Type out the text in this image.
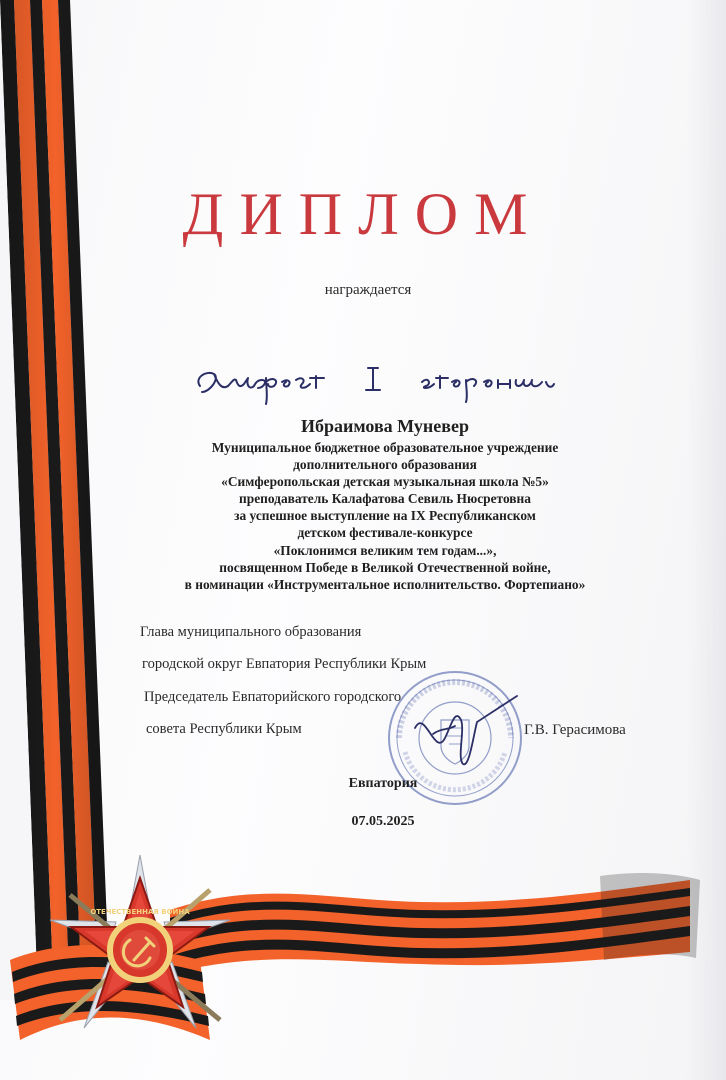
ДИПЛОМ
награждается
Ибраимова Муневер
Муниципальное бюджетное образовательное учреждение
дополнительного образования
«Симферопольская детская музыкальная школа №5»
преподаватель Калафатова Севиль Нюсретовна
за успешное выступление на IX Республиканском
детском фестивале-конкурсе
«Поклонимся великим тем годам...»,
посвященном Победе в Великой Отечественной войне,
в номинации «Инструментальное исполнительство. Фортепиано»
Глава муниципального образования
городской округ Евпатория Республики Крым
Председатель Евпаторийского городского
совета Республики Крым	Г.В. Герасимова
Евпатория
07.05.2025
ОТЕЧЕСТВЕННАЯ ВОЙНА
